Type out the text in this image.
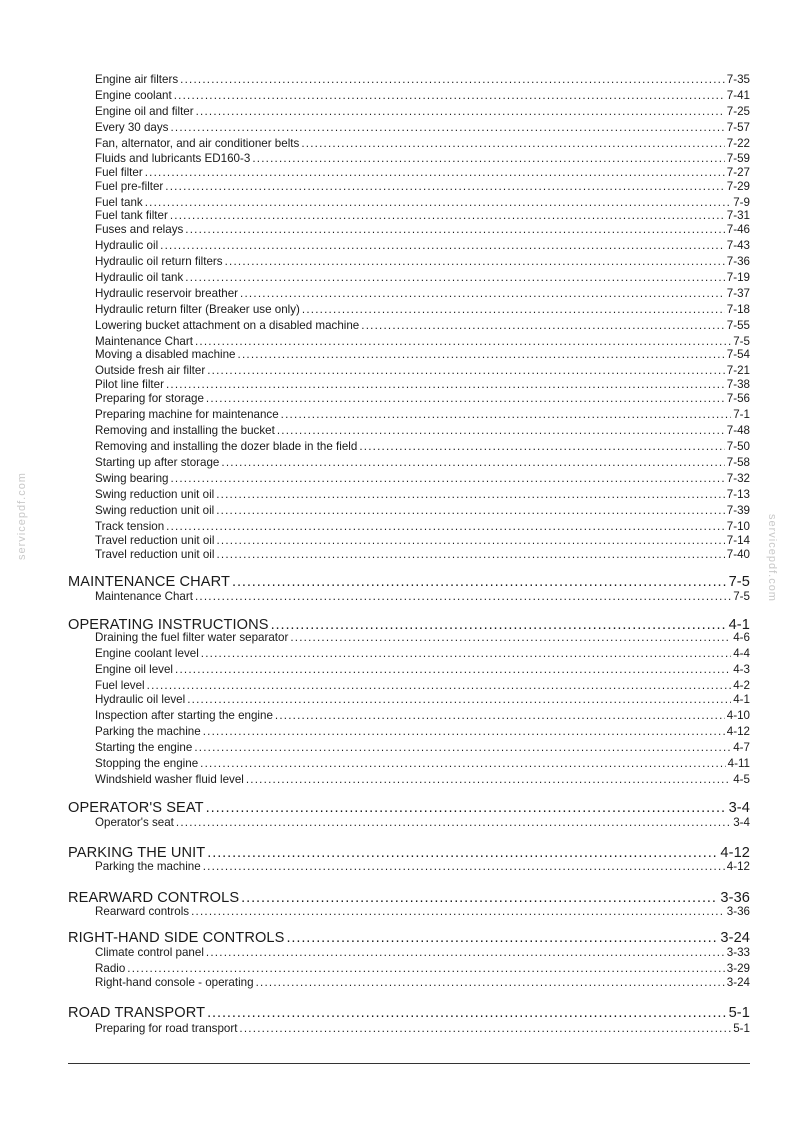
Engine air filters . . .	7-35
Engine coolant . . .	7-41
Engine oil and filter . . .	7-25
Every 30 days . . .	7-57
Fan, alternator, and air conditioner belts . . .	7-22
Fluids and lubricants ED160-3 . . .	7-59
Fuel filter . . .	7-27
Fuel pre-filter . . .	7-29
Fuel tank . . .	7-9
Fuel tank filter . . .	7-31
Fuses and relays . . .	7-46
Hydraulic oil . . .	7-43
Hydraulic oil return filters . . .	7-36
Hydraulic oil tank . . .	7-19
Hydraulic reservoir breather . . .	7-37
Hydraulic return filter (Breaker use only) . . .	7-18
Lowering bucket attachment on a disabled machine . . .	7-55
Maintenance Chart . . .	7-5
Moving a disabled machine . . .	7-54
Outside fresh air filter . . .	7-21
Pilot line filter . . .	7-38
Preparing for storage . . .	7-56
Preparing machine for maintenance . . .	7-1
Removing and installing the bucket . . .	7-48
Removing and installing the dozer blade in the field . . .	7-50
Starting up after storage . . .	7-58
Swing bearing . . .	7-32
Swing reduction unit oil . . .	7-13
Swing reduction unit oil . . .	7-39
Track tension . . .	7-10
Travel reduction unit oil . . .	7-14
Travel reduction unit oil . . .	7-40
MAINTENANCE CHART .....	7-5
Maintenance Chart . . .	7-5
OPERATING INSTRUCTIONS .....	4-1
Draining the fuel filter water separator . . .	4-6
Engine coolant level . . .	4-4
Engine oil level . . .	4-3
Fuel level . . .	4-2
Hydraulic oil level . . .	4-1
Inspection after starting the engine . . .	4-10
Parking the machine . . .	4-12
Starting the engine . . .	4-7
Stopping the engine . . .	4-11
Windshield washer fluid level . . .	4-5
OPERATOR'S SEAT .....	3-4
Operator's seat . . .	3-4
PARKING THE UNIT .....	4-12
Parking the machine . . .	4-12
REARWARD CONTROLS .....	3-36
Rearward controls . . .	3-36
RIGHT-HAND SIDE CONTROLS .....	3-24
Climate control panel . . .	3-33
Radio . . .	3-29
Right-hand console - operating . . .	3-24
ROAD TRANSPORT .....	5-1
Preparing for road transport . . .	5-1
servicepdf.com	servicepdf.com
